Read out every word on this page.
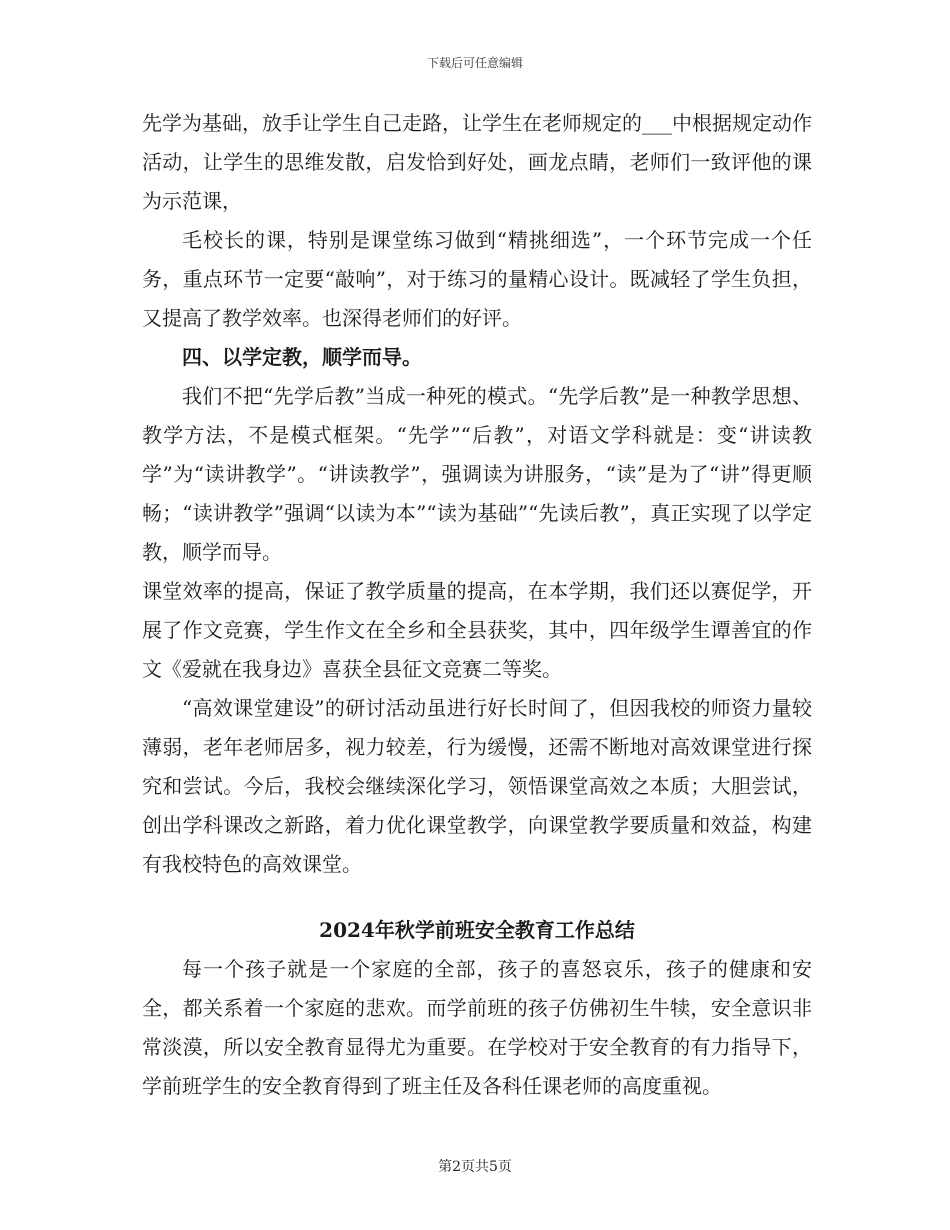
下载后可任意编辑

先学为基础，放手让学生自己走路，让学生在老师规定的___中根据规定动作活动，让学生的思维发散，启发恰到好处，画龙点睛，老师们一致评他的课为示范课，

毛校长的课，特别是课堂练习做到“精挑细选”，一个环节完成一个任务，重点环节一定要“敲响”，对于练习的量精心设计。既减轻了学生负担，又提高了教学效率。也深得老师们的好评。

四、以学定教，顺学而导。

我们不把“先学后教”当成一种死的模式。“先学后教”是一种教学思想、教学方法，不是模式框架。“先学”“后教”，对语文学科就是：变“讲读教学”为“读讲教学”。“讲读教学”，强调读为讲服务，“读”是为了“讲”得更顺畅；“读讲教学”强调“以读为本”“读为基础”“先读后教”，真正实现了以学定教，顺学而导。

课堂效率的提高，保证了教学质量的提高，在本学期，我们还以赛促学，开展了作文竞赛，学生作文在全乡和全县获奖，其中，四年级学生谭善宜的作文《爱就在我身边》喜获全县征文竞赛二等奖。

“高效课堂建设”的研讨活动虽进行好长时间了，但因我校的师资力量较薄弱，老年老师居多，视力较差，行为缓慢，还需不断地对高效课堂进行探究和尝试。今后，我校会继续深化学习，领悟课堂高效之本质；大胆尝试，创出学科课改之新路，着力优化课堂教学，向课堂教学要质量和效益，构建有我校特色的高效课堂。

2024年秋学前班安全教育工作总结

每一个孩子就是一个家庭的全部，孩子的喜怒哀乐，孩子的健康和安全，都关系着一个家庭的悲欢。而学前班的孩子仿佛初生牛犊，安全意识非常淡漠，所以安全教育显得尤为重要。在学校对于安全教育的有力指导下，学前班学生的安全教育得到了班主任及各科任课老师的高度重视。

第2页共5页
